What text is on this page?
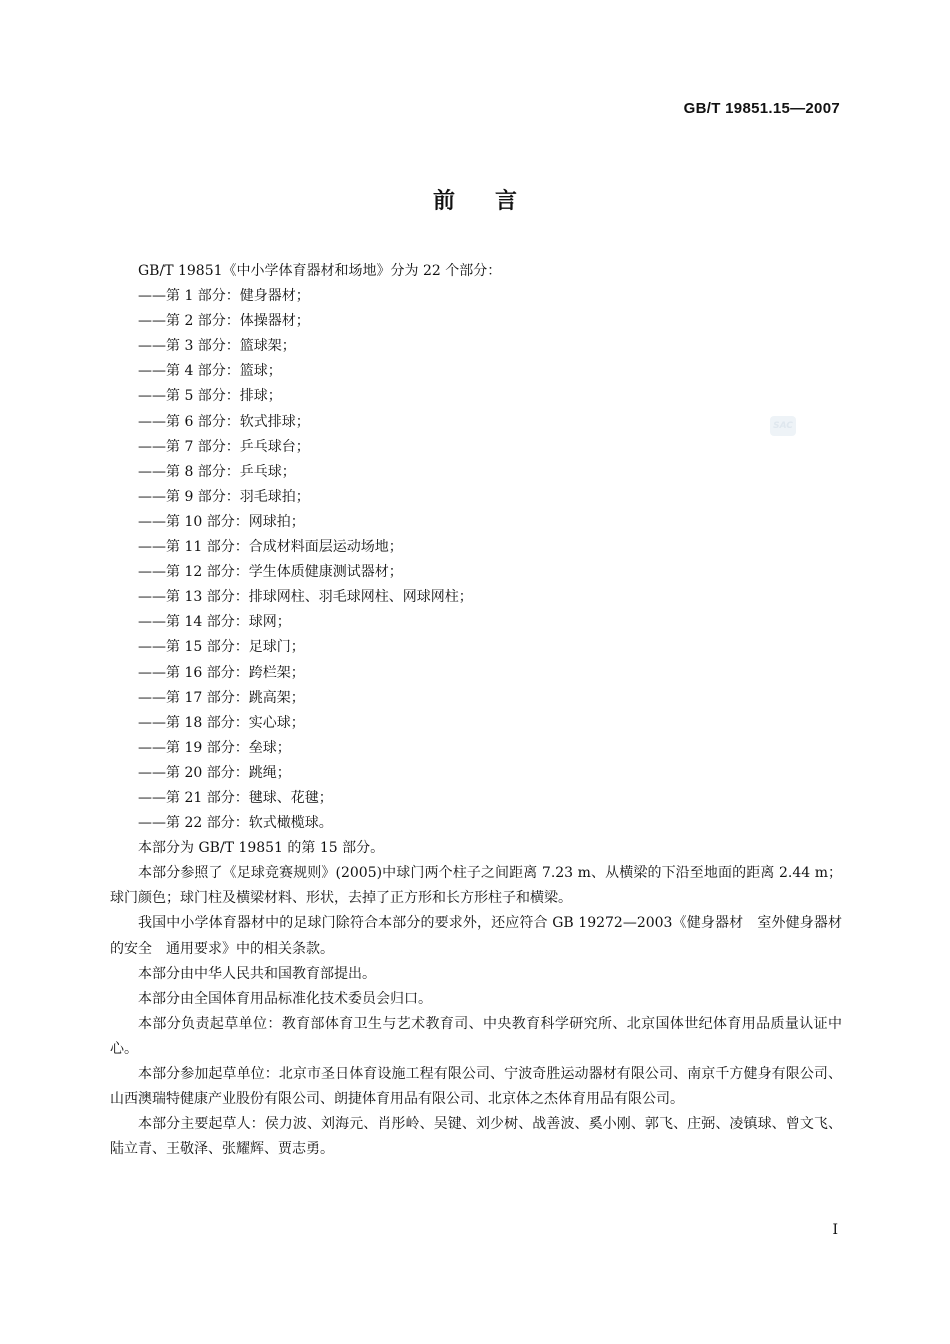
GB/T 19851.15—2007
前言
SAC

GB/T 19851《中小学体育器材和场地》分为 22 个部分：

——第 1 部分：健身器材；
——第 2 部分：体操器材；
——第 3 部分：篮球架；
——第 4 部分：篮球；
——第 5 部分：排球；
——第 6 部分：软式排球；
——第 7 部分：乒乓球台；
——第 8 部分：乒乓球；
——第 9 部分：羽毛球拍；
——第 10 部分：网球拍；
——第 11 部分：合成材料面层运动场地；
——第 12 部分：学生体质健康测试器材；
——第 13 部分：排球网柱、羽毛球网柱、网球网柱；
——第 14 部分：球网；
——第 15 部分：足球门；
——第 16 部分：跨栏架；
——第 17 部分：跳高架；
——第 18 部分：实心球；
——第 19 部分：垒球；
——第 20 部分：跳绳；
——第 21 部分：毽球、花毽；
——第 22 部分：软式橄榄球。

本部分为 GB/T 19851 的第 15 部分。

本部分参照了《足球竞赛规则》(2005)中球门两个柱子之间距离 7.23 m、从横梁的下沿至地面的距离 2.44 m；球门颜色；球门柱及横梁材料、形状，去掉了正方形和长方形柱子和横梁。

我国中小学体育器材中的足球门除符合本部分的要求外，还应符合 GB 19272—2003《健身器材　室外健身器材的安全　通用要求》中的相关条款。

本部分由中华人民共和国教育部提出。

本部分由全国体育用品标准化技术委员会归口。

本部分负责起草单位：教育部体育卫生与艺术教育司、中央教育科学研究所、北京国体世纪体育用品质量认证中心。

本部分参加起草单位：北京市圣日体育设施工程有限公司、宁波奇胜运动器材有限公司、南京千方健身有限公司、山西澳瑞特健康产业股份有限公司、朗捷体育用品有限公司、北京体之杰体育用品有限公司。

本部分主要起草人：侯力波、刘海元、肖彤岭、吴键、刘少树、战善波、奚小刚、郭飞、庄弼、凌镇球、曾文飞、陆立青、王敬泽、张耀辉、贾志勇。

I
